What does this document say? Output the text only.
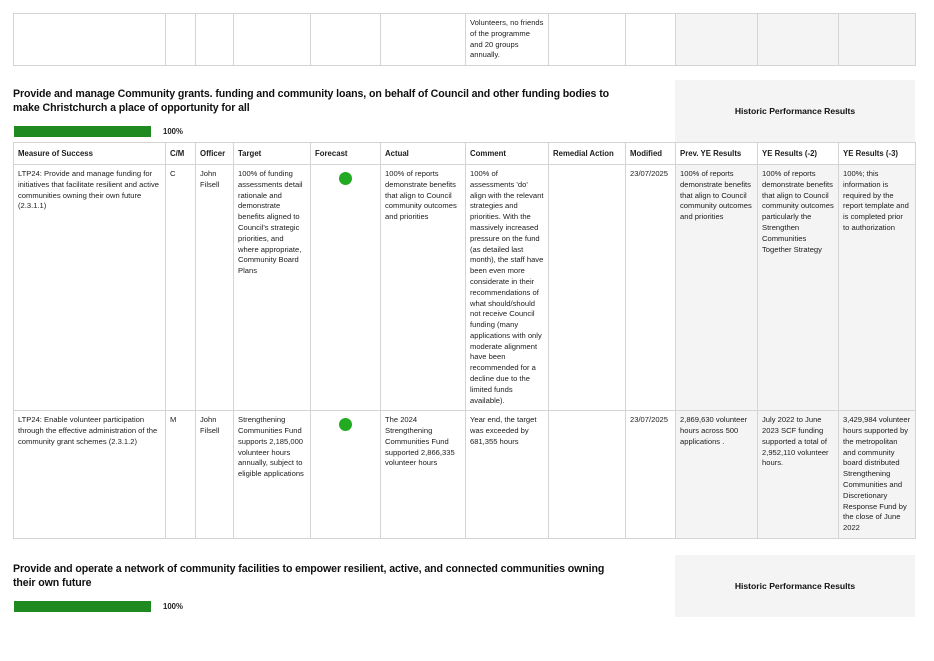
						Volunteers, no friends of the programme and 20 groups annually.					
Provide and manage Community grants. funding and community loans, on behalf of Council and other funding bodies to make Christchurch a place of opportunity for all
100%
Historic Performance Results
Measure of Success	C/M	Officer	Target	Forecast	Actual	Comment	Remedial Action	Modified	Prev. YE Results	YE Results (-2)	YE Results (-3)
LTP24: Provide and manage funding for initiatives that facilitate resilient and active communities owning their own future (2.3.1.1)	C	John Filsell	100% of funding assessments detail rationale and demonstrate benefits aligned to Council's strategic priorities, and where appropriate, Community Board Plans		100% of reports demonstrate benefits that align to Council community outcomes and priorities	100% of assessments 'do' align with the relevant strategies and priorities. With the massively increased pressure on the fund (as detailed last month), the staff have been even more considerate in their recommendations of what should/should not receive Council funding (many applications with only moderate alignment have been recommended for a decline due to the limited funds available).		23/07/2025	100% of reports demonstrate benefits that align to Council community outcomes and priorities	100% of reports demonstrate benefits that align to Council community outcomes particularly the Strengthen Communities Together Strategy	100%; this information is required by the report template and is completed prior to authorization
LTP24: Enable volunteer participation through the effective administration of the community grant schemes (2.3.1.2)	M	John Filsell	Strengthening Communities Fund supports 2,185,000 volunteer hours annually, subject to eligible applications		The 2024 Strengthening Communities Fund supported 2,866,335 volunteer hours	Year end, the target was exceeded by 681,355 hours		23/07/2025	2,869,630 volunteer hours across 500 applications .	July 2022 to June 2023 SCF funding supported a total of 2,952,110 volunteer hours.	3,429,984 volunteer hours supported by the metropolitan and community board distributed Strengthening Communities and Discretionary Response Fund by the close of June 2022
Provide and operate a network of community facilities to empower resilient, active, and connected communities owning their own future
100%
Historic Performance Results
